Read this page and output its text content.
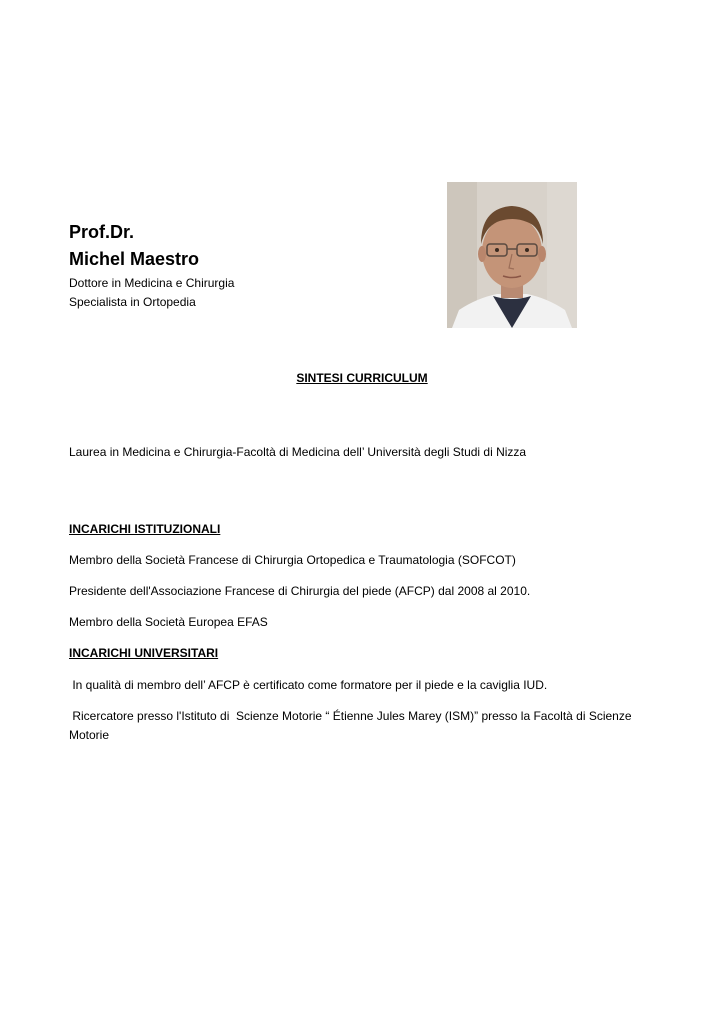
Prof.Dr.
Michel Maestro
Dottore in Medicina e Chirurgia
Specialista in Ortopedia
SINTESI CURRICULUM
Laurea in Medicina e Chirurgia-Facoltà di Medicina dell’ Università degli Studi di Nizza
INCARICHI ISTITUZIONALI
Membro della Società Francese di Chirurgia Ortopedica e Traumatologia (SOFCOT)
Presidente dell'Associazione Francese di Chirurgia del piede (AFCP) dal 2008 al 2010.
Membro della Società Europea EFAS
INCARICHI UNIVERSITARI
In qualità di membro dell’ AFCP è certificato come formatore per il piede e la caviglia IUD.
Ricercatore presso l'Istituto di  Scienze Motorie “ Étienne Jules Marey (ISM)” presso la Facoltà di Scienze Motorie
